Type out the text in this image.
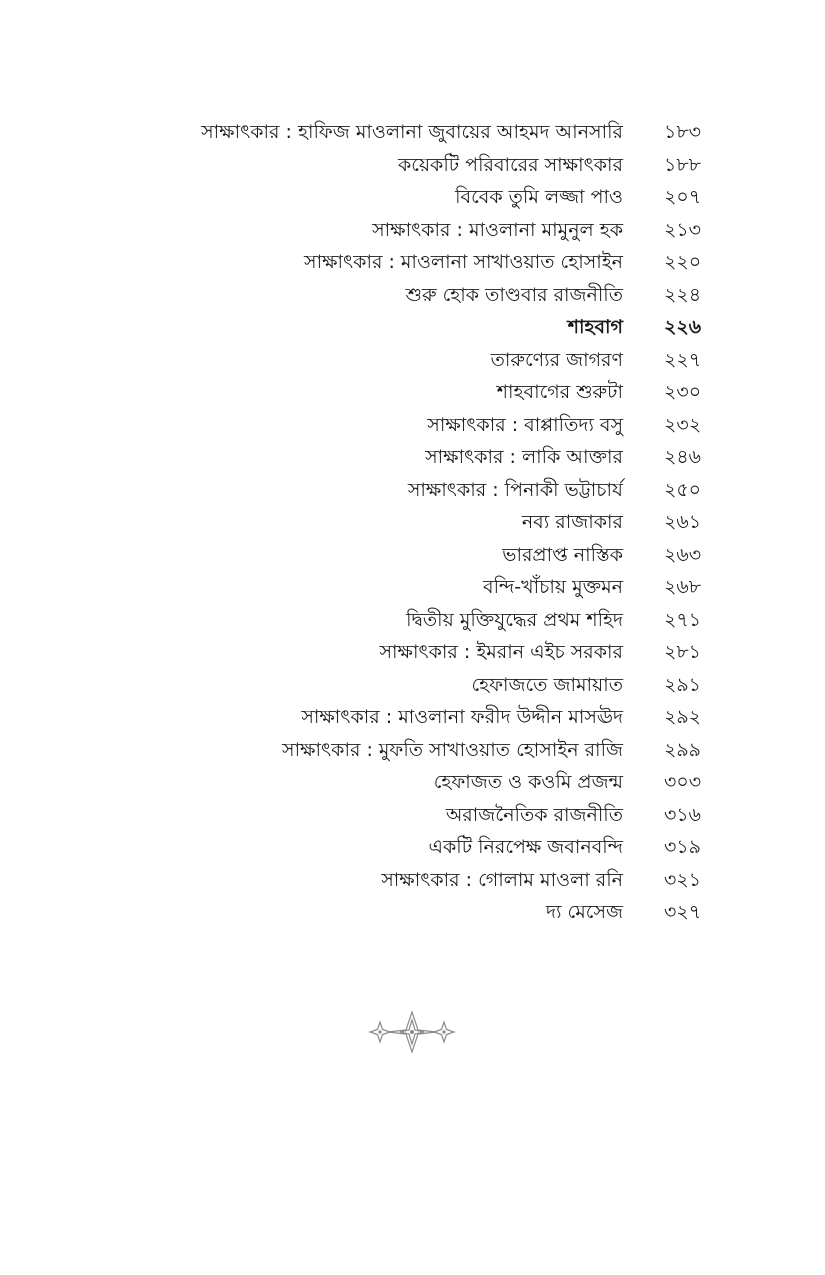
সাক্ষাৎকার : হাফিজ মাওলানা জুবায়ের আহমদ আনসারি ১৮৩
কয়েকটি পরিবারের সাক্ষাৎকার ১৮৮
বিবেক তুমি লজ্জা পাও ২০৭
সাক্ষাৎকার : মাওলানা মামুনুল হক ২১৩
সাক্ষাৎকার : মাওলানা সাখাওয়াত হোসাইন ২২০
শুরু হোক তাণ্ডবার রাজনীতি ২২৪
শাহবাগ ২২৬
তারুণ্যের জাগরণ ২২৭
শাহবাগের শুরুটা ২৩০
সাক্ষাৎকার : বাপ্পাতিদ্য বসু ২৩২
সাক্ষাৎকার : লাকি আক্তার ২৪৬
সাক্ষাৎকার : পিনাকী ভট্টাচার্য ২৫০
নব্য রাজাকার ২৬১
ভারপ্রাপ্ত নাস্তিক ২৬৩
বন্দি-খাঁচায় মুক্তমন ২৬৮
দ্বিতীয় মুক্তিযুদ্ধের প্রথম শহিদ ২৭১
সাক্ষাৎকার : ইমরান এইচ সরকার ২৮১
হেফাজতে জামায়াত ২৯১
সাক্ষাৎকার : মাওলানা ফরীদ উদ্দীন মাসঊদ ২৯২
সাক্ষাৎকার : মুফতি সাখাওয়াত হোসাইন রাজি ২৯৯
হেফাজত ও কওমি প্রজন্ম ৩০৩
অরাজনৈতিক রাজনীতি ৩১৬
একটি নিরপেক্ষ জবানবন্দি ৩১৯
সাক্ষাৎকার : গোলাম মাওলা রনি ৩২১
দ্য মেসেজ ৩২৭
